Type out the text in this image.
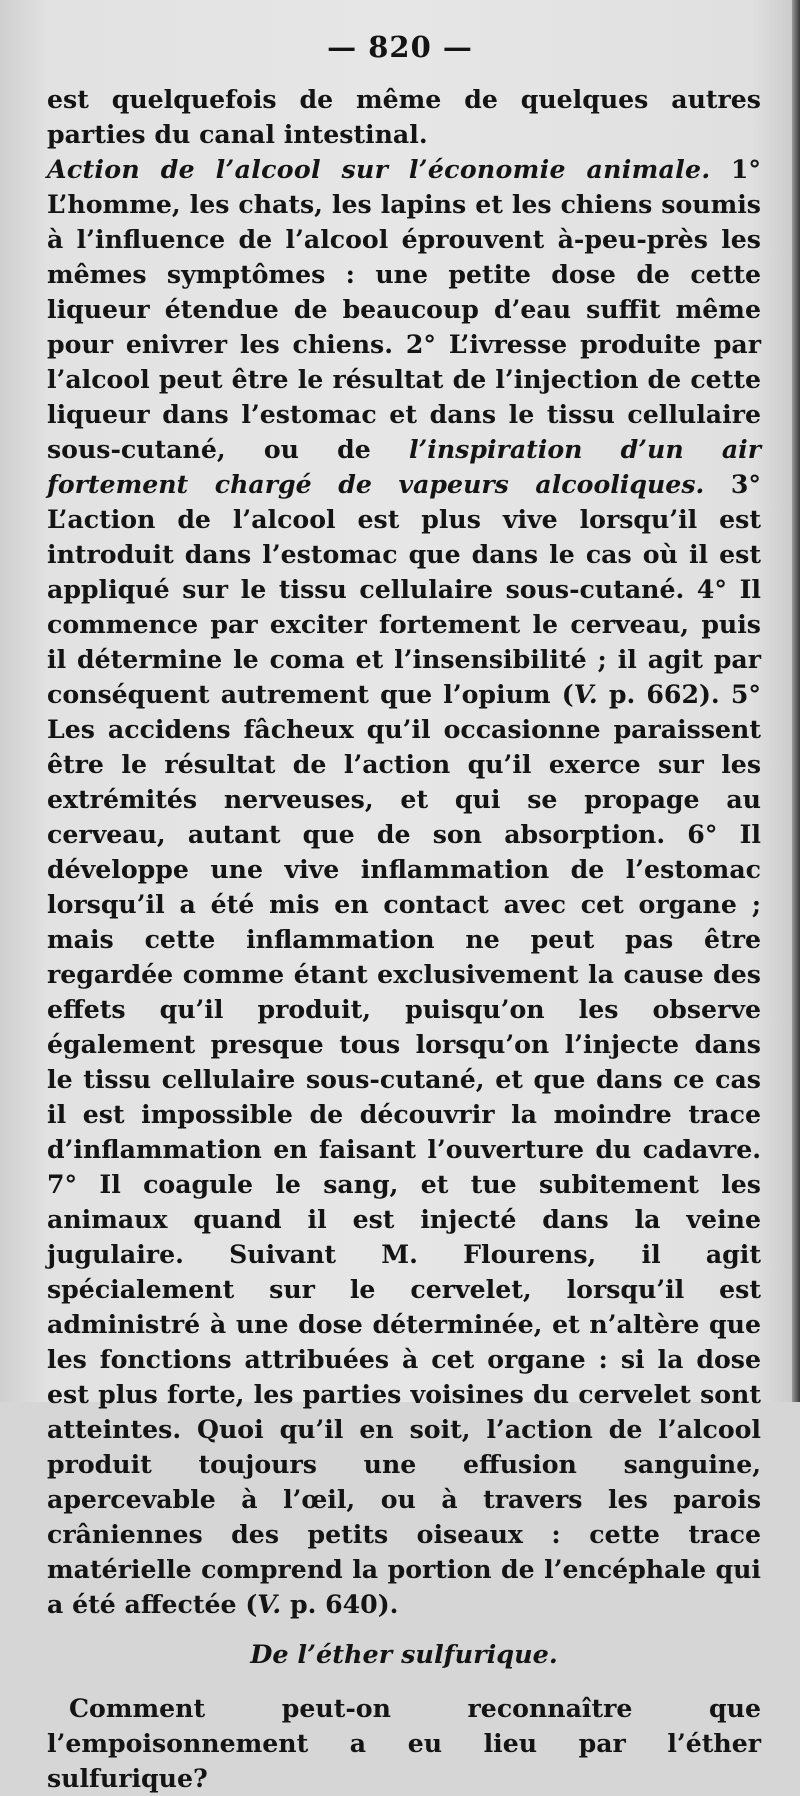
— 820 —

est quelquefois de même de quelques autres parties du canal intestinal.

Action de l’alcool sur l’économie animale. 1° L’homme, les chats, les lapins et les chiens soumis à l’influence de l’alcool éprouvent à-peu-près les mêmes symptômes : une petite dose de cette liqueur étendue de beaucoup d’eau suffit même pour enivrer les chiens. 2° L’ivresse produite par l’alcool peut être le résultat de l’injection de cette liqueur dans l’estomac et dans le tissu cellulaire sous-cutané, ou de l’inspiration d’un air fortement chargé de vapeurs alcooliques. 3° L’action de l’alcool est plus vive lorsqu’il est introduit dans l’estomac que dans le cas où il est appliqué sur le tissu cellulaire sous-cutané. 4° Il commence par exciter fortement le cerveau, puis il détermine le coma et l’insensibilité ; il agit par conséquent autrement que l’opium (V. p. 662). 5° Les accidens fâcheux qu’il occasionne paraissent être le résultat de l’action qu’il exerce sur les extrémités nerveuses, et qui se propage au cerveau, autant que de son absorption. 6° Il développe une vive inflammation de l’estomac lorsqu’il a été mis en contact avec cet organe ; mais cette inflammation ne peut pas être regardée comme étant exclusivement la cause des effets qu’il produit, puisqu’on les observe également presque tous lorsqu’on l’injecte dans le tissu cellulaire sous-cutané, et que dans ce cas il est impossible de découvrir la moindre trace d’inflammation en faisant l’ouverture du cadavre. 7° Il coagule le sang, et tue subitement les animaux quand il est injecté dans la veine jugulaire. Suivant M. Flourens, il agit spécialement sur le cervelet, lorsqu’il est administré à une dose déterminée, et n’altère que les fonctions attribuées à cet organe : si la dose est plus forte, les parties voisines du cervelet sont atteintes. Quoi qu’il en soit, l’action de l’alcool produit toujours une effusion sanguine, apercevable à l’œil, ou à travers les parois crâniennes des petits oiseaux : cette trace matérielle comprend la portion de l’encéphale qui a été affectée (V. p. 640).

De l’éther sulfurique.

Comment peut-on reconnaître que l’empoisonnement a eu lieu par l’éther sulfurique?
